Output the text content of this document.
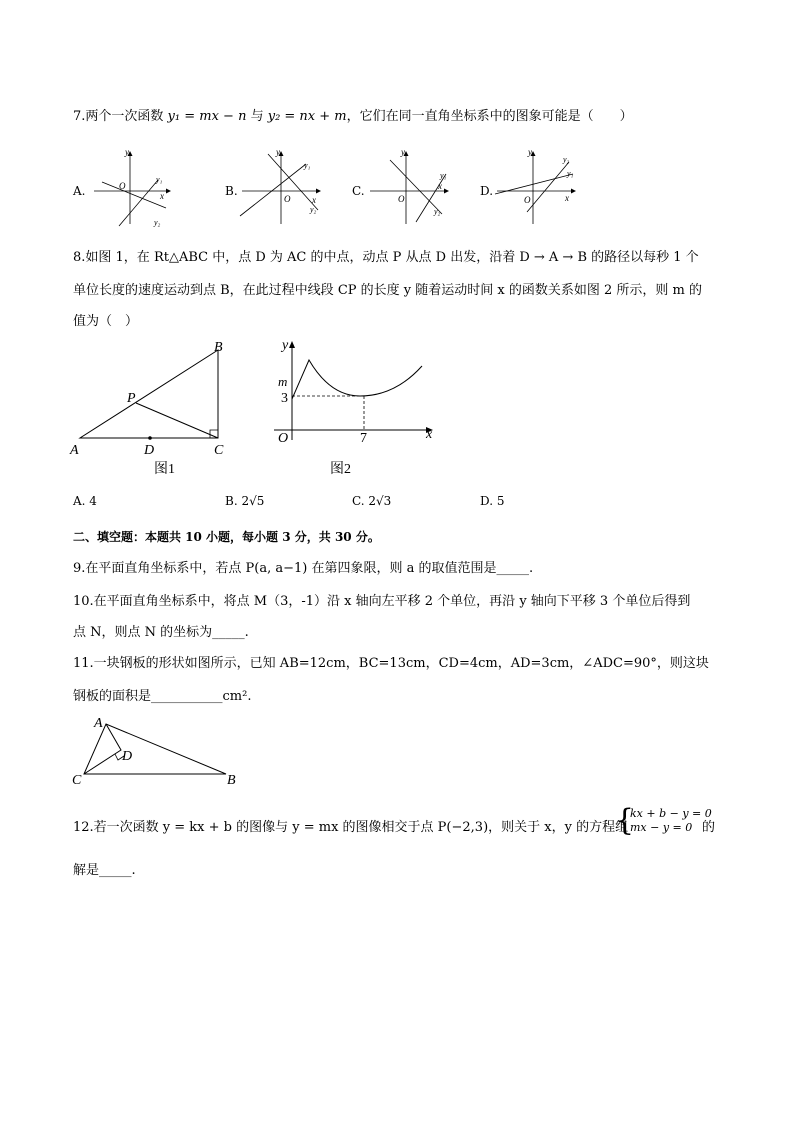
7.两个一次函数 y₁ = mx − n 与 y₂ = nx + m，它们在同一直角坐标系中的图象可能是（　　）
A.	B.	C.	D.
y
O
x
y₁
y₂
y
O x
y₁
y₂
y
O
x
y₁
y₂
y
O	x
y₁
y₂
8.如图 1，在 Rt△ABC 中，点 D 为 AC 的中点，动点 P 从点 D 出发，沿着 D → A → B 的路径以每秒 1 个
单位长度的速度运动到点 B，在此过程中线段 CP 的长度 y 随着运动时间 x 的函数关系如图 2 所示，则 m 的
值为（　）
A
B
C
D
P
图1
y
x
O
m
3
7
图2
A. 4	B. 2√5	C. 2√3	D. 5
二、填空题：本题共 10 小题，每小题 3 分，共 30 分。
9.在平面直角坐标系中，若点 P(a, a−1) 在第四象限，则 a 的取值范围是_____.
10.在平面直角坐标系中，将点 M（3，-1）沿 x 轴向左平移 2 个单位，再沿 y 轴向下平移 3 个单位后得到
点 N，则点 N 的坐标为_____.
11.一块钢板的形状如图所示，已知 AB=12cm，BC=13cm，CD=4cm，AD=3cm，∠ADC=90°，则这块
钢板的面积是___________cm².
A
D
C	B
12.若一次函数 y = kx + b 的图像与 y = mx 的图像相交于点 P(−2,3)，则关于 x，y 的方程组
{
kx + b − y = 0
mx − y = 0 的
解是_____.
